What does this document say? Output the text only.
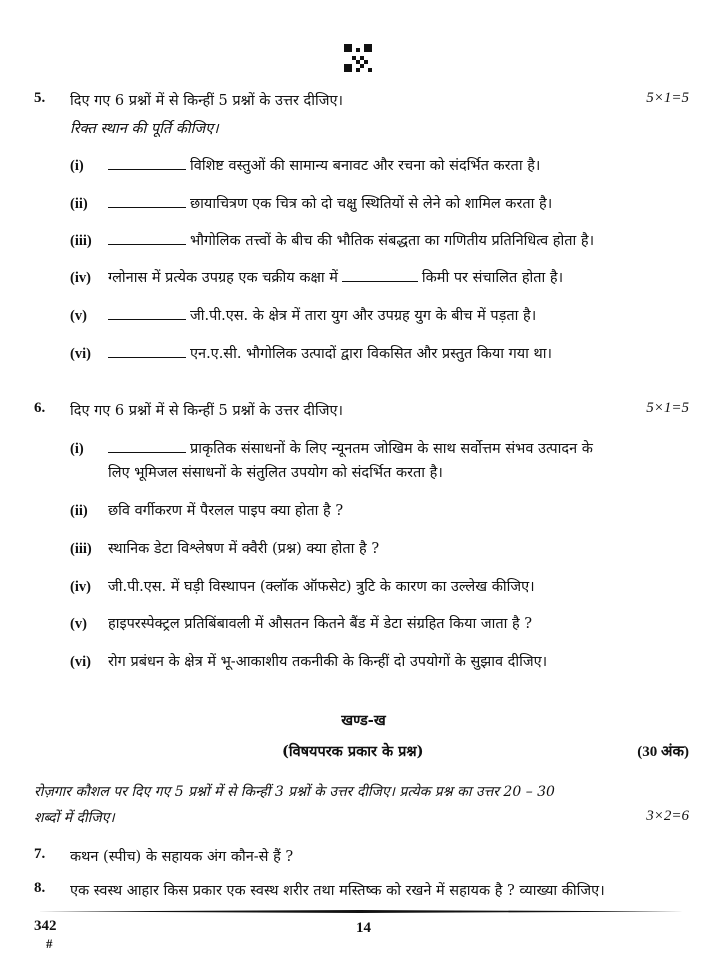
5. दिए गए 6 प्रश्नों में से किन्हीं 5 प्रश्नों के उत्तर दीजिए।	5×1=5
रिक्त स्थान की पूर्ति कीजिए।
(i)	विशिष्ट वस्तुओं की सामान्य बनावट और रचना को संदर्भित करता है।
(ii)	छायाचित्रण एक चित्र को दो चक्षु स्थितियों से लेने को शामिल करता है।
(iii)	भौगोलिक तत्त्वों के बीच की भौतिक संबद्धता का गणितीय प्रतिनिधित्व होता है।
(iv) ग्लोनास में प्रत्येक उपग्रह एक चक्रीय कक्षा में	किमी पर संचालित होता है।
(v)	जी.पी.एस. के क्षेत्र में तारा युग और उपग्रह युग के बीच में पड़ता है।
(vi)	एन.ए.सी. भौगोलिक उत्पादों द्वारा विकसित और प्रस्तुत किया गया था।
6. दिए गए 6 प्रश्नों में से किन्हीं 5 प्रश्नों के उत्तर दीजिए।	5×1=5
(i)	प्राकृतिक संसाधनों के लिए न्यूनतम जोखिम के साथ सर्वोत्तम संभव उत्पादन के
लिए भूमिजल संसाधनों के संतुलित उपयोग को संदर्भित करता है।
(ii) छवि वर्गीकरण में पैरलल पाइप क्या होता है ?
(iii) स्थानिक डेटा विश्लेषण में क्वैरी (प्रश्न) क्या होता है ?
(iv) जी.पी.एस. में घड़ी विस्थापन (क्लॉक ऑफसेट) त्रुटि के कारण का उल्लेख कीजिए।
(v) हाइपरस्पेक्ट्रल प्रतिबिंबावली में औसतन कितने बैंड में डेटा संग्रहित किया जाता है ?
(vi) रोग प्रबंधन के क्षेत्र में भू-आकाशीय तकनीकी के किन्हीं दो उपयोगों के सुझाव दीजिए।
खण्ड-ख
(विषयपरक प्रकार के प्रश्न)	(30 अंक)
रोज़गार कौशल पर दिए गए 5 प्रश्नों में से किन्हीं 3 प्रश्नों के उत्तर दीजिए। प्रत्येक प्रश्न का उत्तर 20 – 30
शब्दों में दीजिए।	3×2=6
7. कथन (स्पीच) के सहायक अंग कौन-से हैं ?
8. एक स्वस्थ आहार किस प्रकार एक स्वस्थ शरीर तथा मस्तिष्क को रखने में सहायक है ? व्याख्या कीजिए।
342
#
14
